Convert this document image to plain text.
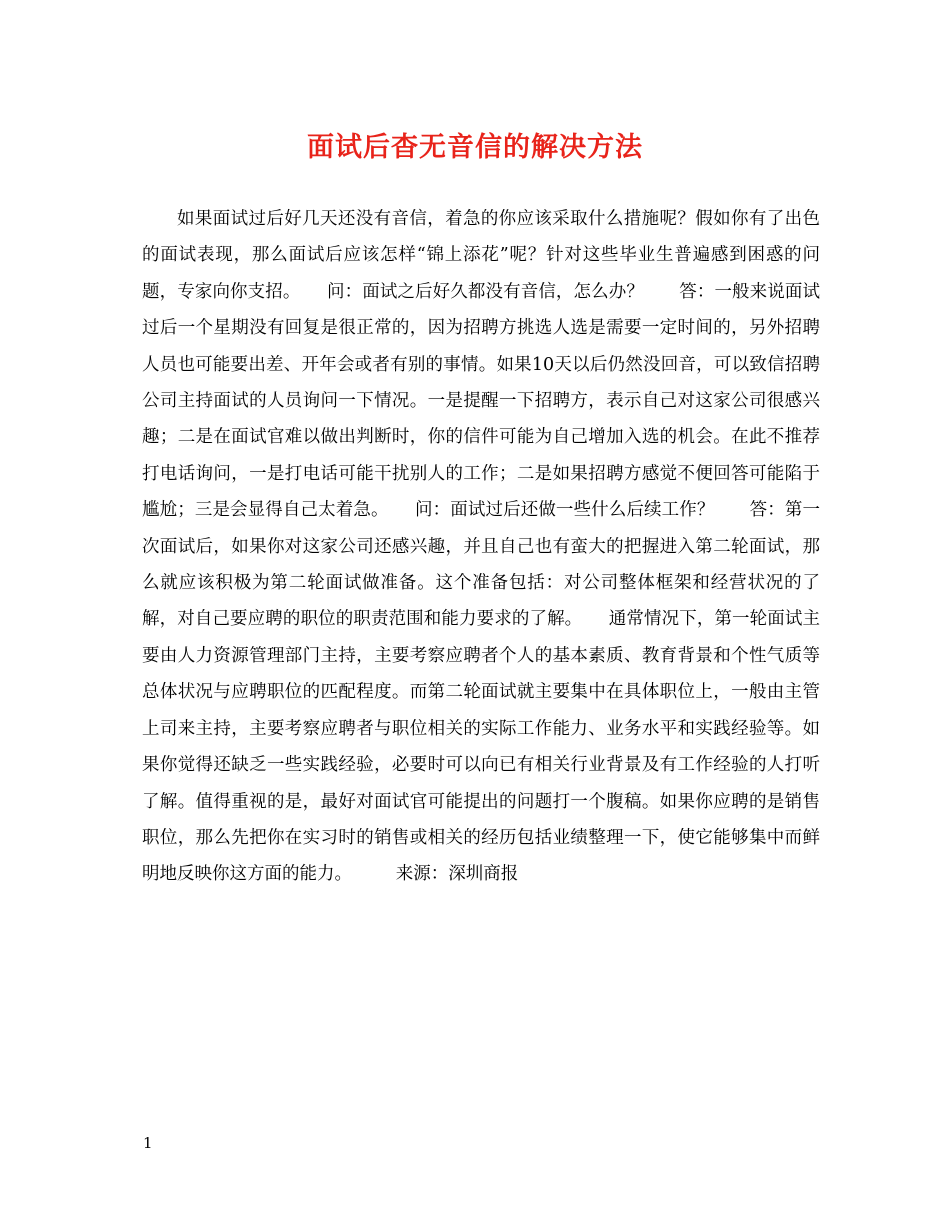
面试后杳无音信的解决方法

如果面试过后好几天还没有音信，着急的你应该采取什么措施呢？假如你有了出色的面试表现，那么面试后应该怎样“锦上添花”呢？针对这些毕业生普遍感到困惑的问题，专家向你支招。　　问：面试之后好久都没有音信，怎么办？　　答：一般来说面试过后一个星期没有回复是很正常的，因为招聘方挑选人选是需要一定时间的，另外招聘人员也可能要出差、开年会或者有别的事情。如果10天以后仍然没回音，可以致信招聘公司主持面试的人员询问一下情况。一是提醒一下招聘方，表示自己对这家公司很感兴趣；二是在面试官难以做出判断时，你的信件可能为自己增加入选的机会。在此不推荐打电话询问，一是打电话可能干扰别人的工作；二是如果招聘方感觉不便回答可能陷于尴尬；三是会显得自己太着急。　　问：面试过后还做一些什么后续工作？　　答：第一次面试后，如果你对这家公司还感兴趣，并且自己也有蛮大的把握进入第二轮面试，那么就应该积极为第二轮面试做准备。这个准备包括：对公司整体框架和经营状况的了解，对自己要应聘的职位的职责范围和能力要求的了解。　　通常情况下，第一轮面试主要由人力资源管理部门主持，主要考察应聘者个人的基本素质、教育背景和个性气质等总体状况与应聘职位的匹配程度。而第二轮面试就主要集中在具体职位上，一般由主管上司来主持，主要考察应聘者与职位相关的实际工作能力、业务水平和实践经验等。如果你觉得还缺乏一些实践经验，必要时可以向已有相关行业背景及有工作经验的人打听了解。值得重视的是，最好对面试官可能提出的问题打一个腹稿。如果你应聘的是销售职位，那么先把你在实习时的销售或相关的经历包括业绩整理一下，使它能够集中而鲜明地反映你这方面的能力。　　　来源：深圳商报

1
